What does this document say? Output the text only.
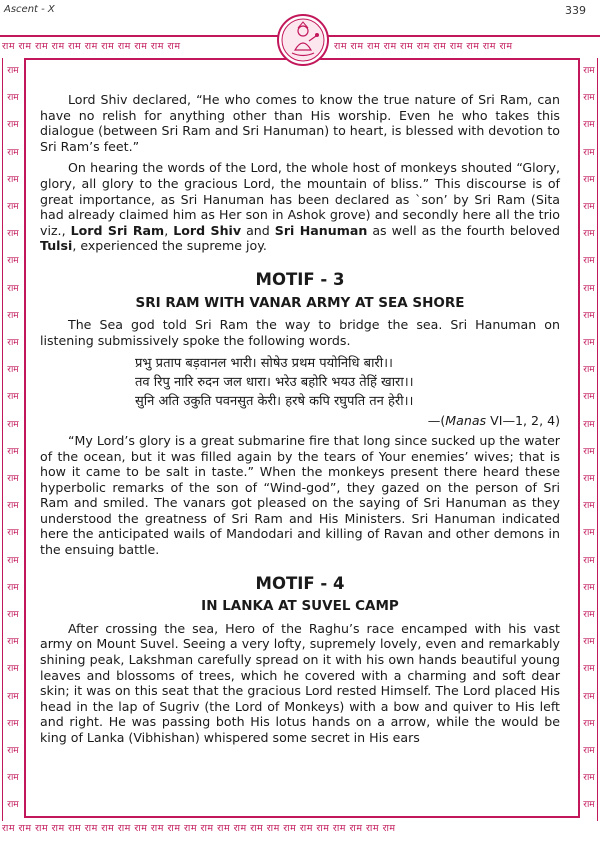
Ascent - X	339
राम राम राम राम राम राम राम राम राम राम राम	राम राम राम राम राम राम राम राम राम राम राम
राम राम राम राम राम राम राम राम राम राम राम राम राम राम राम राम राम राम राम राम राम राम राम राम
राम
राम
राम
राम
राम
राम
राम
राम
राम
राम
राम
राम
राम
राम
राम
राम
राम
राम
राम
राम
राम
राम
राम
राम
राम
राम
राम
राम
राम
राम
राम
राम
राम
राम
राम
राम
राम
राम
राम
राम
राम
राम
राम
राम
राम
राम
राम
राम
राम
राम
राम
राम
राम
राम
राम
राम

Lord Shiv declared, “He who comes to know the true nature of Sri Ram, can have no relish for anything other than His worship. Even he who takes this dialogue (between Sri Ram and Sri Hanuman) to heart, is blessed with devotion to Sri Ram’s feet.”

On hearing the words of the Lord, the whole host of monkeys shouted “Glory, glory, all glory to the gracious Lord, the mountain of bliss.” This discourse is of great importance, as Sri Hanuman has been declared as `son’ by Sri Ram (Sita had already claimed him as Her son in Ashok grove) and secondly here all the trio viz., Lord Sri Ram, Lord Shiv and Sri Hanuman as well as the fourth beloved Tulsi, experienced the supreme joy.

MOTIF - 3
SRI RAM WITH VANAR ARMY AT SEA SHORE

The Sea god told Sri Ram the way to bridge the sea. Sri Hanuman on listening submissively spoke the following words.

प्रभु प्रताप बड़वानल भारी। सोषेउ प्रथम पयोनिधि बारी।।
तव रिपु नारि रुदन जल धारा। भरेउ बहोरि भयउ तेहिं खारा।।
सुनि अति उकुति पवनसुत केरी। हरषे कपि रघुपति तन हेरी।।
—(Manas VI—1, 2, 4)

“My Lord’s glory is a great submarine fire that long since sucked up the water of the ocean, but it was filled again by the tears of Your enemies’ wives; that is how it came to be salt in taste.” When the monkeys present there heard these hyperbolic remarks of the son of “Wind-god”, they gazed on the person of Sri Ram and smiled. The vanars got pleased on the saying of Sri Hanuman as they understood the greatness of Sri Ram and His Ministers. Sri Hanuman indicated here the anticipated wails of Mandodari and killing of Ravan and other demons in the ensuing battle.

MOTIF - 4
IN LANKA AT SUVEL CAMP

After crossing the sea, Hero of the Raghu’s race encamped with his vast army on Mount Suvel. Seeing a very lofty, supremely lovely, even and remarkably shining peak, Lakshman carefully spread on it with his own hands beautiful young leaves and blossoms of trees, which he covered with a charming and soft dear skin; it was on this seat that the gracious Lord rested Himself. The Lord placed His head in the lap of Sugriv (the Lord of Monkeys) with a bow and quiver to His left and right. He was passing both His lotus hands on a arrow, while the would be king of Lanka (Vibhishan) whispered some secret in His ears
